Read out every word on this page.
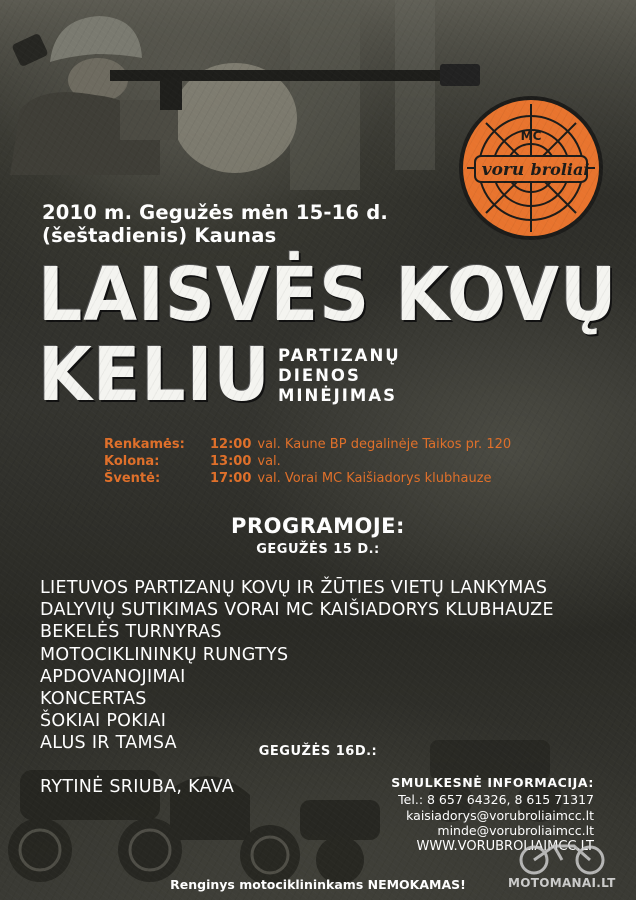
MC
voru broliai
2010 m. Gegužės mėn 15-16 d.
(šeštadienis) Kaunas
LAISVĖS KOVŲ
KELIU PARTIZANŲ
DIENOS
MINĖJIMAS
Renkamės:	12:00 val. Kaune BP degalinėje Taikos pr. 120
Kolona:	13:00 val.
Šventė:	17:00 val. Vorai MC Kaišiadorys klubhauze
PROGRAMOJE:
GEGUŽĖS 15 D.:
LIETUVOS PARTIZANŲ KOVŲ IR ŽŪTIES VIETŲ LANKYMAS
DALYVIŲ SUTIKIMAS VORAI MC KAIŠIADORYS KLUBHAUZE
BEKELĖS TURNYRAS
MOTOCIKLININKŲ RUNGTYS
APDOVANOJIMAI
KONCERTAS
ŠOKIAI POKIAI
ALUS IR TAMSA	GEGUŽĖS 16D.:
RYTINĖ SRIUBA, KAVA	SMULKESNĖ INFORMACIJA:
Tel.: 8 657 64326, 8 615 71317
kaisiadorys@vorubroliaimcc.lt
minde@vorubroliaimcc.lt
WWW.VORUBROLIAIMCC.LT
Renginys motociklininkams NEMOKAMAS!	MOTOMANAI.LT
